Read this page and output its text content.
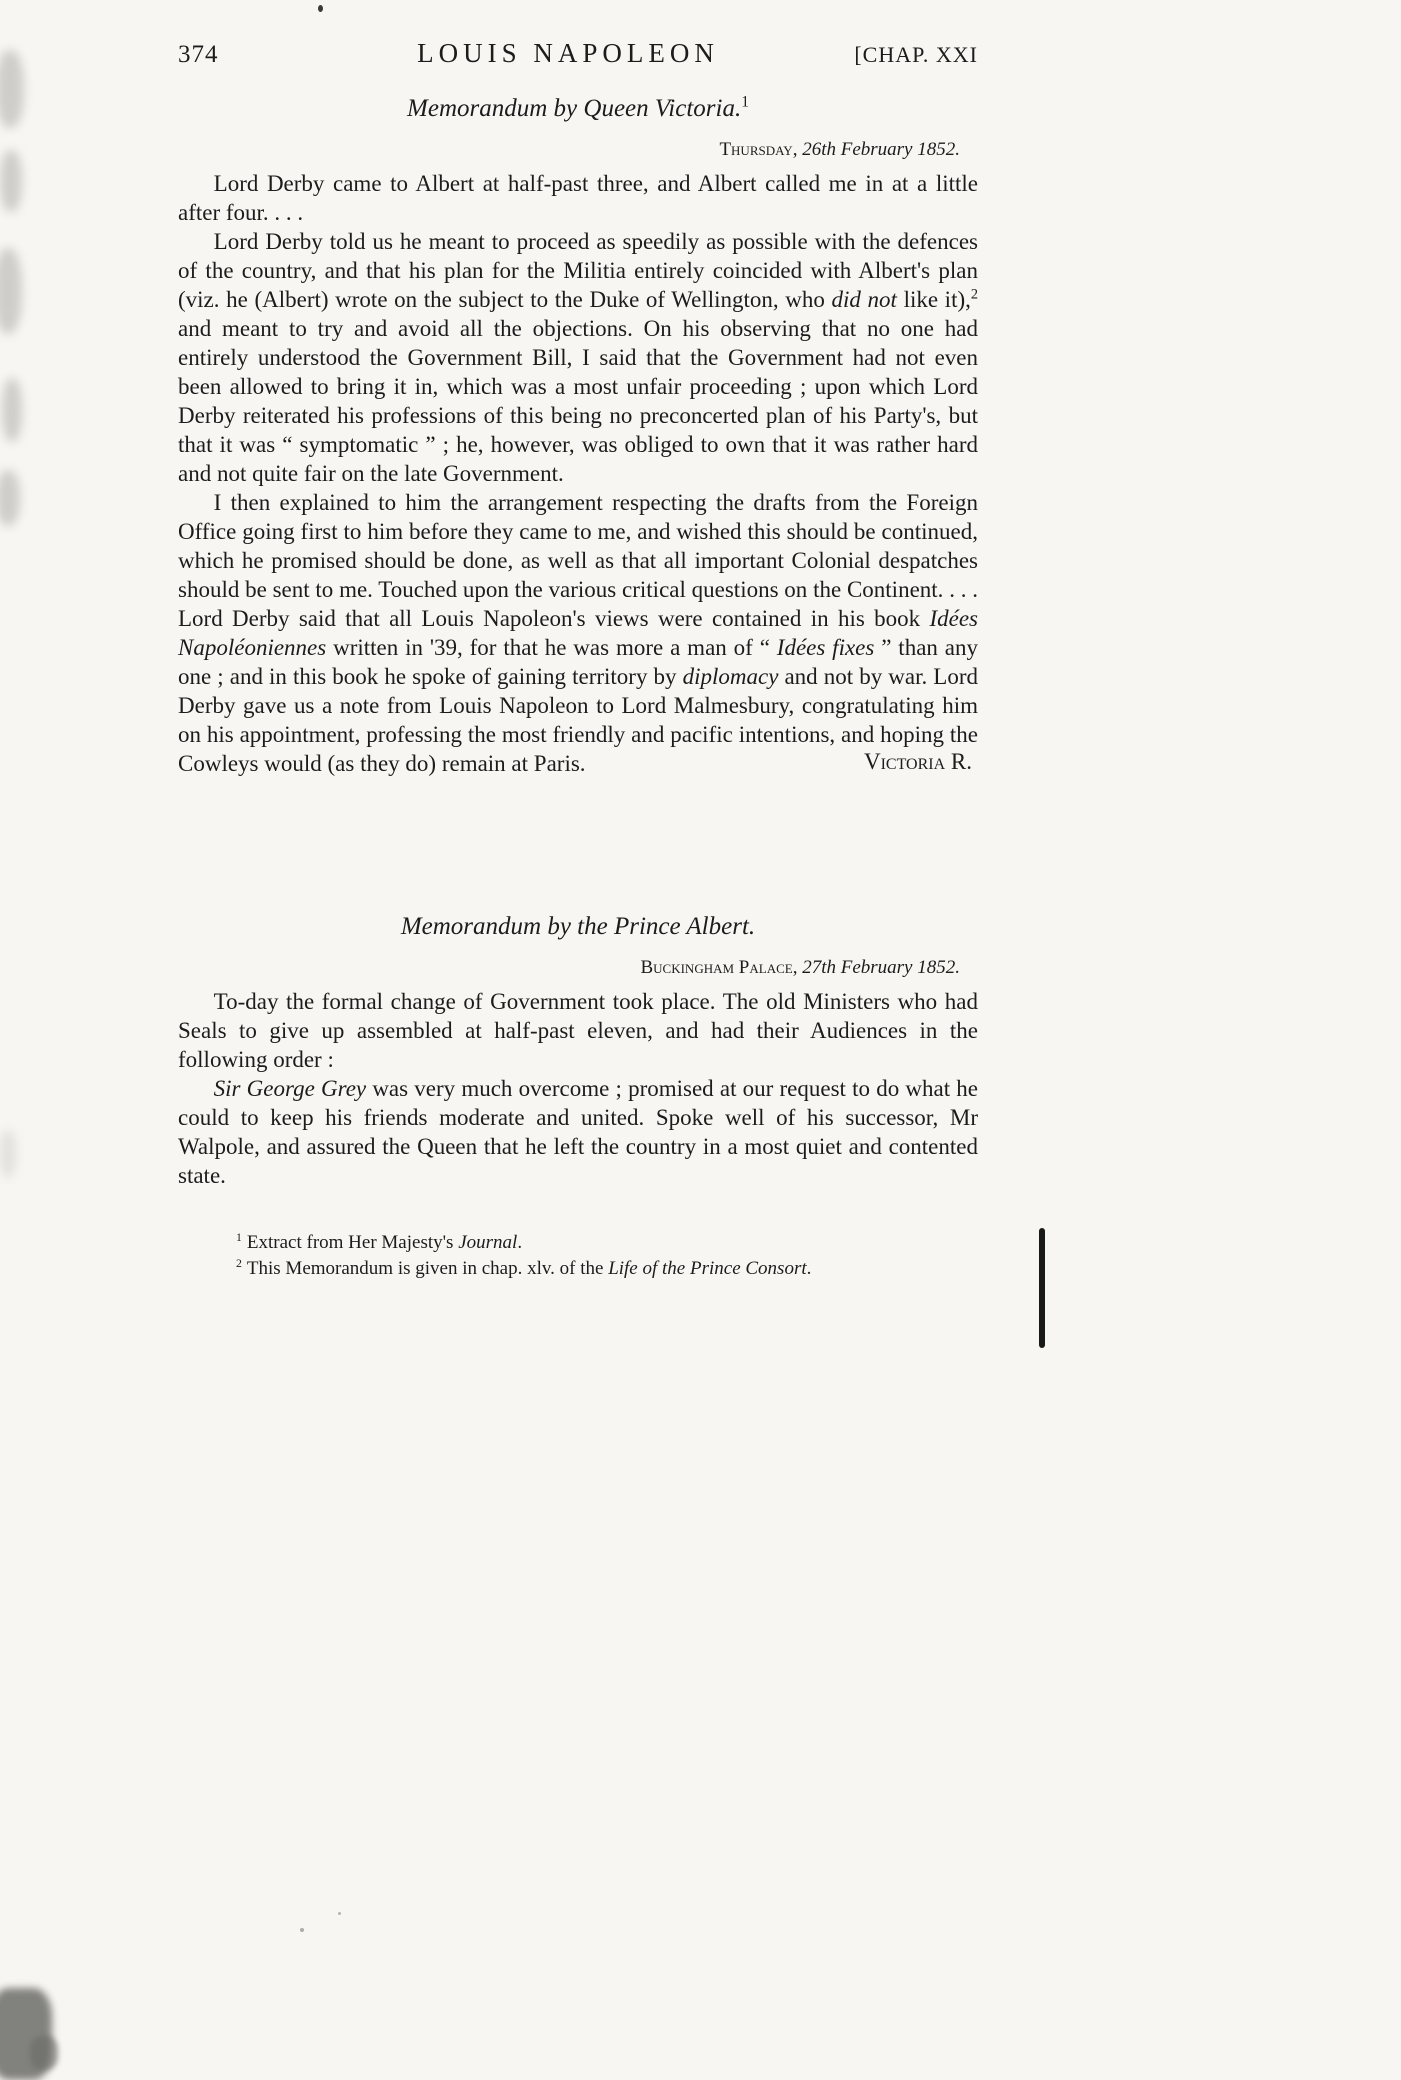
374	LOUIS NAPOLEON	[CHAP. XXI
Memorandum by Queen Victoria.$^1$
Thursday, 26th February 1852.

Lord Derby came to Albert at half-past three, and Albert called me in at a little after four. . . .

Lord Derby told us he meant to proceed as speedily as possible with the defences of the country, and that his plan for the Militia entirely coincided with Albert's plan (viz. he (Albert) wrote on the subject to the Duke of Wellington, who did not like it),$^2$ and meant to try and avoid all the objections. On his observing that no one had entirely understood the Government Bill, I said that the Government had not even been allowed to bring it in, which was a most unfair proceeding ; upon which Lord Derby reiterated his professions of this being no preconcerted plan of his Party's, but that it was “ symptomatic ” ; he, however, was obliged to own that it was rather hard and not quite fair on the late Government.

I then explained to him the arrangement respecting the drafts from the Foreign Office going first to him before they came to me, and wished this should be continued, which he promised should be done, as well as that all important Colonial despatches should be sent to me. Touched upon the various critical questions on the Continent. . . . Lord Derby said that all Louis Napoleon's views were contained in his book Idées Napoléoniennes written in '39, for that he was more a man of “ Idées fixes ” than any one ; and in this book he spoke of gaining territory by diplomacy and not by war. Lord Derby gave us a note from Louis Napoleon to Lord Malmesbury, congratulating him on his appointment, professing the most friendly and pacific intentions, and hoping the Cowleys would (as they do) remain at Paris.	Victoria R.
Memorandum by the Prince Albert.
Buckingham Palace, 27th February 1852.

To-day the formal change of Government took place. The old Ministers who had Seals to give up assembled at half-past eleven, and had their Audiences in the following order :

Sir George Grey was very much overcome ; promised at our request to do what he could to keep his friends moderate and united. Spoke well of his successor, Mr Walpole, and assured the Queen that he left the country in a most quiet and contented state.

$^1$ Extract from Her Majesty's Journal.
$^2$ This Memorandum is given in chap. xlv. of the Life of the Prince Consort.
